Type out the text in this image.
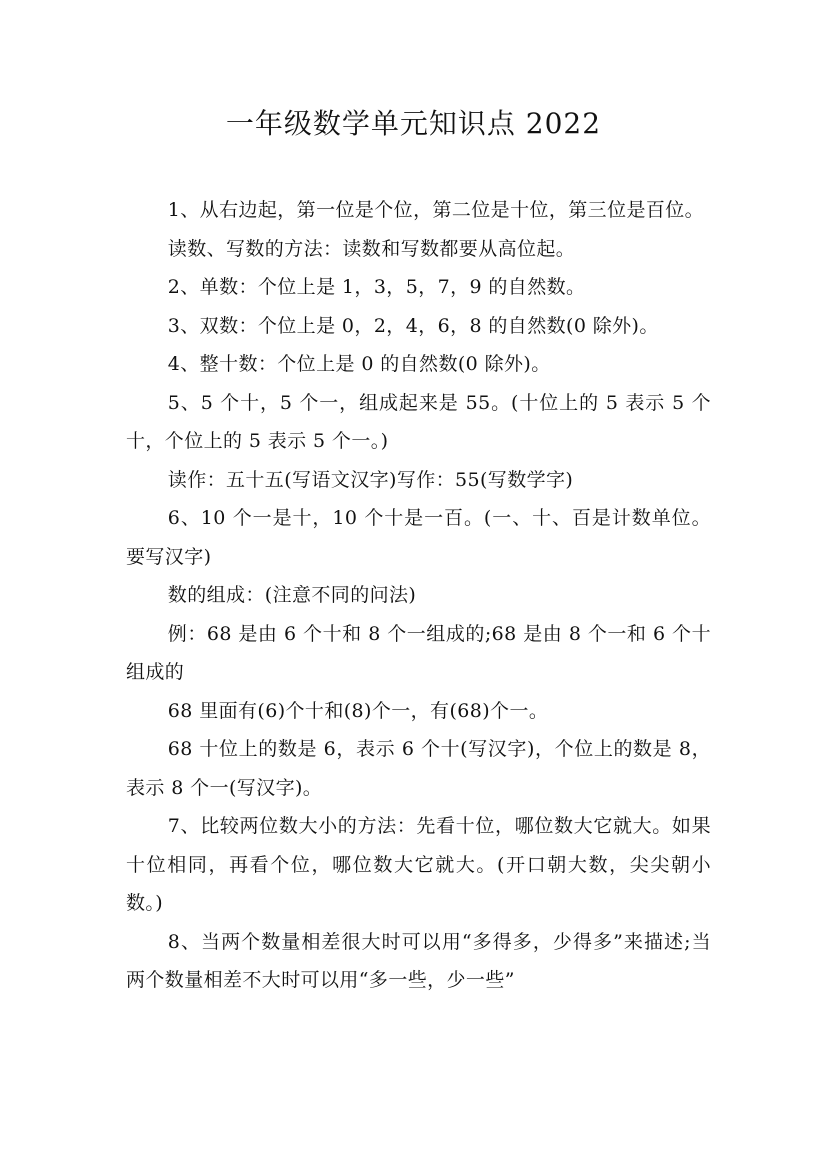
一年级数学单元知识点 2022

1、从右边起，第一位是个位，第二位是十位，第三位是百位。

读数、写数的方法：读数和写数都要从高位起。

2、单数：个位上是 1，3，5，7，9 的自然数。

3、双数：个位上是 0，2，4，6，8 的自然数(0 除外)。

4、整十数：个位上是 0 的自然数(0 除外)。

5、5 个十，5 个一，组成起来是 55。(十位上的 5 表示 5 个十，个位上的 5 表示 5 个一。)

读作：五十五(写语文汉字)写作：55(写数学字)

6、10 个一是十，10 个十是一百。(一、十、百是计数单位。要写汉字)

数的组成：(注意不同的问法)

例：68 是由 6 个十和 8 个一组成的;68 是由 8 个一和 6 个十组成的

68 里面有(6)个十和(8)个一，有(68)个一。

68 十位上的数是 6，表示 6 个十(写汉字)，个位上的数是 8，表示 8 个一(写汉字)。

7、比较两位数大小的方法：先看十位，哪位数大它就大。如果十位相同，再看个位，哪位数大它就大。(开口朝大数，尖尖朝小数。)

8、当两个数量相差很大时可以用“多得多，少得多”来描述;当两个数量相差不大时可以用“多一些，少一些”
